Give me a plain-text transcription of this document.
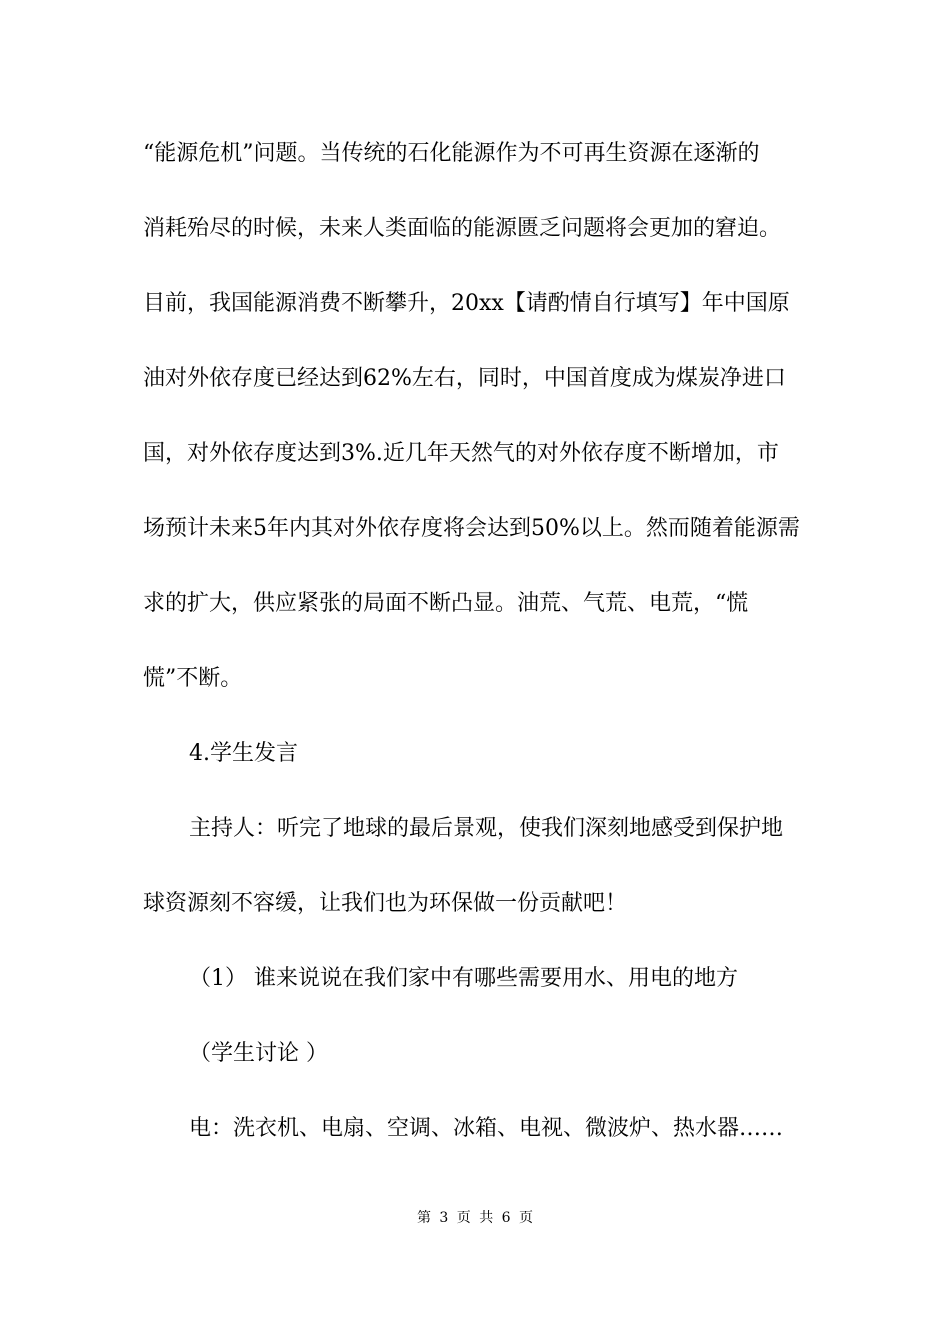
“能源危机”问题。当传统的石化能源作为不可再生资源在逐渐的
消耗殆尽的时候，未来人类面临的能源匮乏问题将会更加的窘迫。
目前，我国能源消费不断攀升，20xx【请酌情自行填写】年中国原
油对外依存度已经达到62%左右，同时，中国首度成为煤炭净进口
国，对外依存度达到3%.近几年天然气的对外依存度不断增加，市
场预计未来5年内其对外依存度将会达到50%以上。然而随着能源需
求的扩大，供应紧张的局面不断凸显。油荒、气荒、电荒，“慌
慌”不断。
4.学生发言
主持人：听完了地球的最后景观，使我们深刻地感受到保护地
球资源刻不容缓，让我们也为环保做一份贡献吧！
（1） 谁来说说在我们家中有哪些需要用水、用电的地方
（学生讨论 ）
电：洗衣机、电扇、空调、冰箱、电视、微波炉、热水器……
第 3 页 共 6 页
